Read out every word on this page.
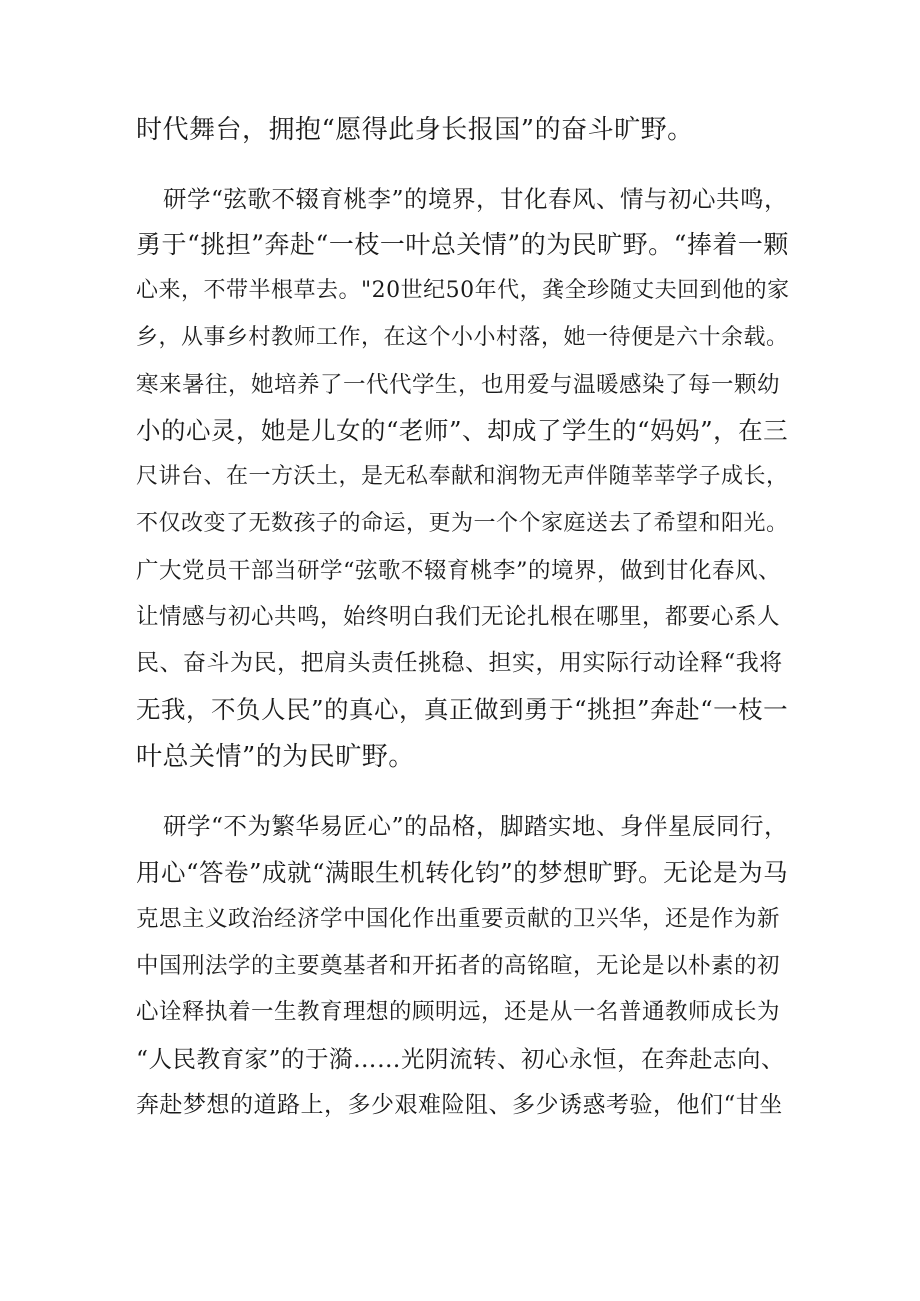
时代舞台，拥抱“愿得此身长报国”的奋斗旷野。
研学“弦歌不辍育桃李”的境界，甘化春风、情与初心共鸣，
勇于“挑担”奔赴“一枝一叶总关情”的为民旷野。“捧着一颗
心来，不带半根草去。"20世纪50年代，龚全珍随丈夫回到他的家
乡，从事乡村教师工作，在这个小小村落，她一待便是六十余载。
寒来暑往，她培养了一代代学生，也用爱与温暖感染了每一颗幼
小的心灵，她是儿女的“老师”、却成了学生的“妈妈”，在三
尺讲台、在一方沃土，是无私奉献和润物无声伴随莘莘学子成长，
不仅改变了无数孩子的命运，更为一个个家庭送去了希望和阳光。
广大党员干部当研学“弦歌不辍育桃李”的境界，做到甘化春风、
让情感与初心共鸣，始终明白我们无论扎根在哪里，都要心系人
民、奋斗为民，把肩头责任挑稳、担实，用实际行动诠释“我将
无我，不负人民”的真心，真正做到勇于“挑担”奔赴“一枝一
叶总关情”的为民旷野。
研学“不为繁华易匠心”的品格，脚踏实地、身伴星辰同行，
用心“答卷”成就“满眼生机转化钧”的梦想旷野。无论是为马
克思主义政治经济学中国化作出重要贡献的卫兴华，还是作为新
中国刑法学的主要奠基者和开拓者的高铭暄，无论是以朴素的初
心诠释执着一生教育理想的顾明远，还是从一名普通教师成长为
“人民教育家”的于漪……光阴流转、初心永恒，在奔赴志向、
奔赴梦想的道路上，多少艰难险阻、多少诱惑考验，他们“甘坐
